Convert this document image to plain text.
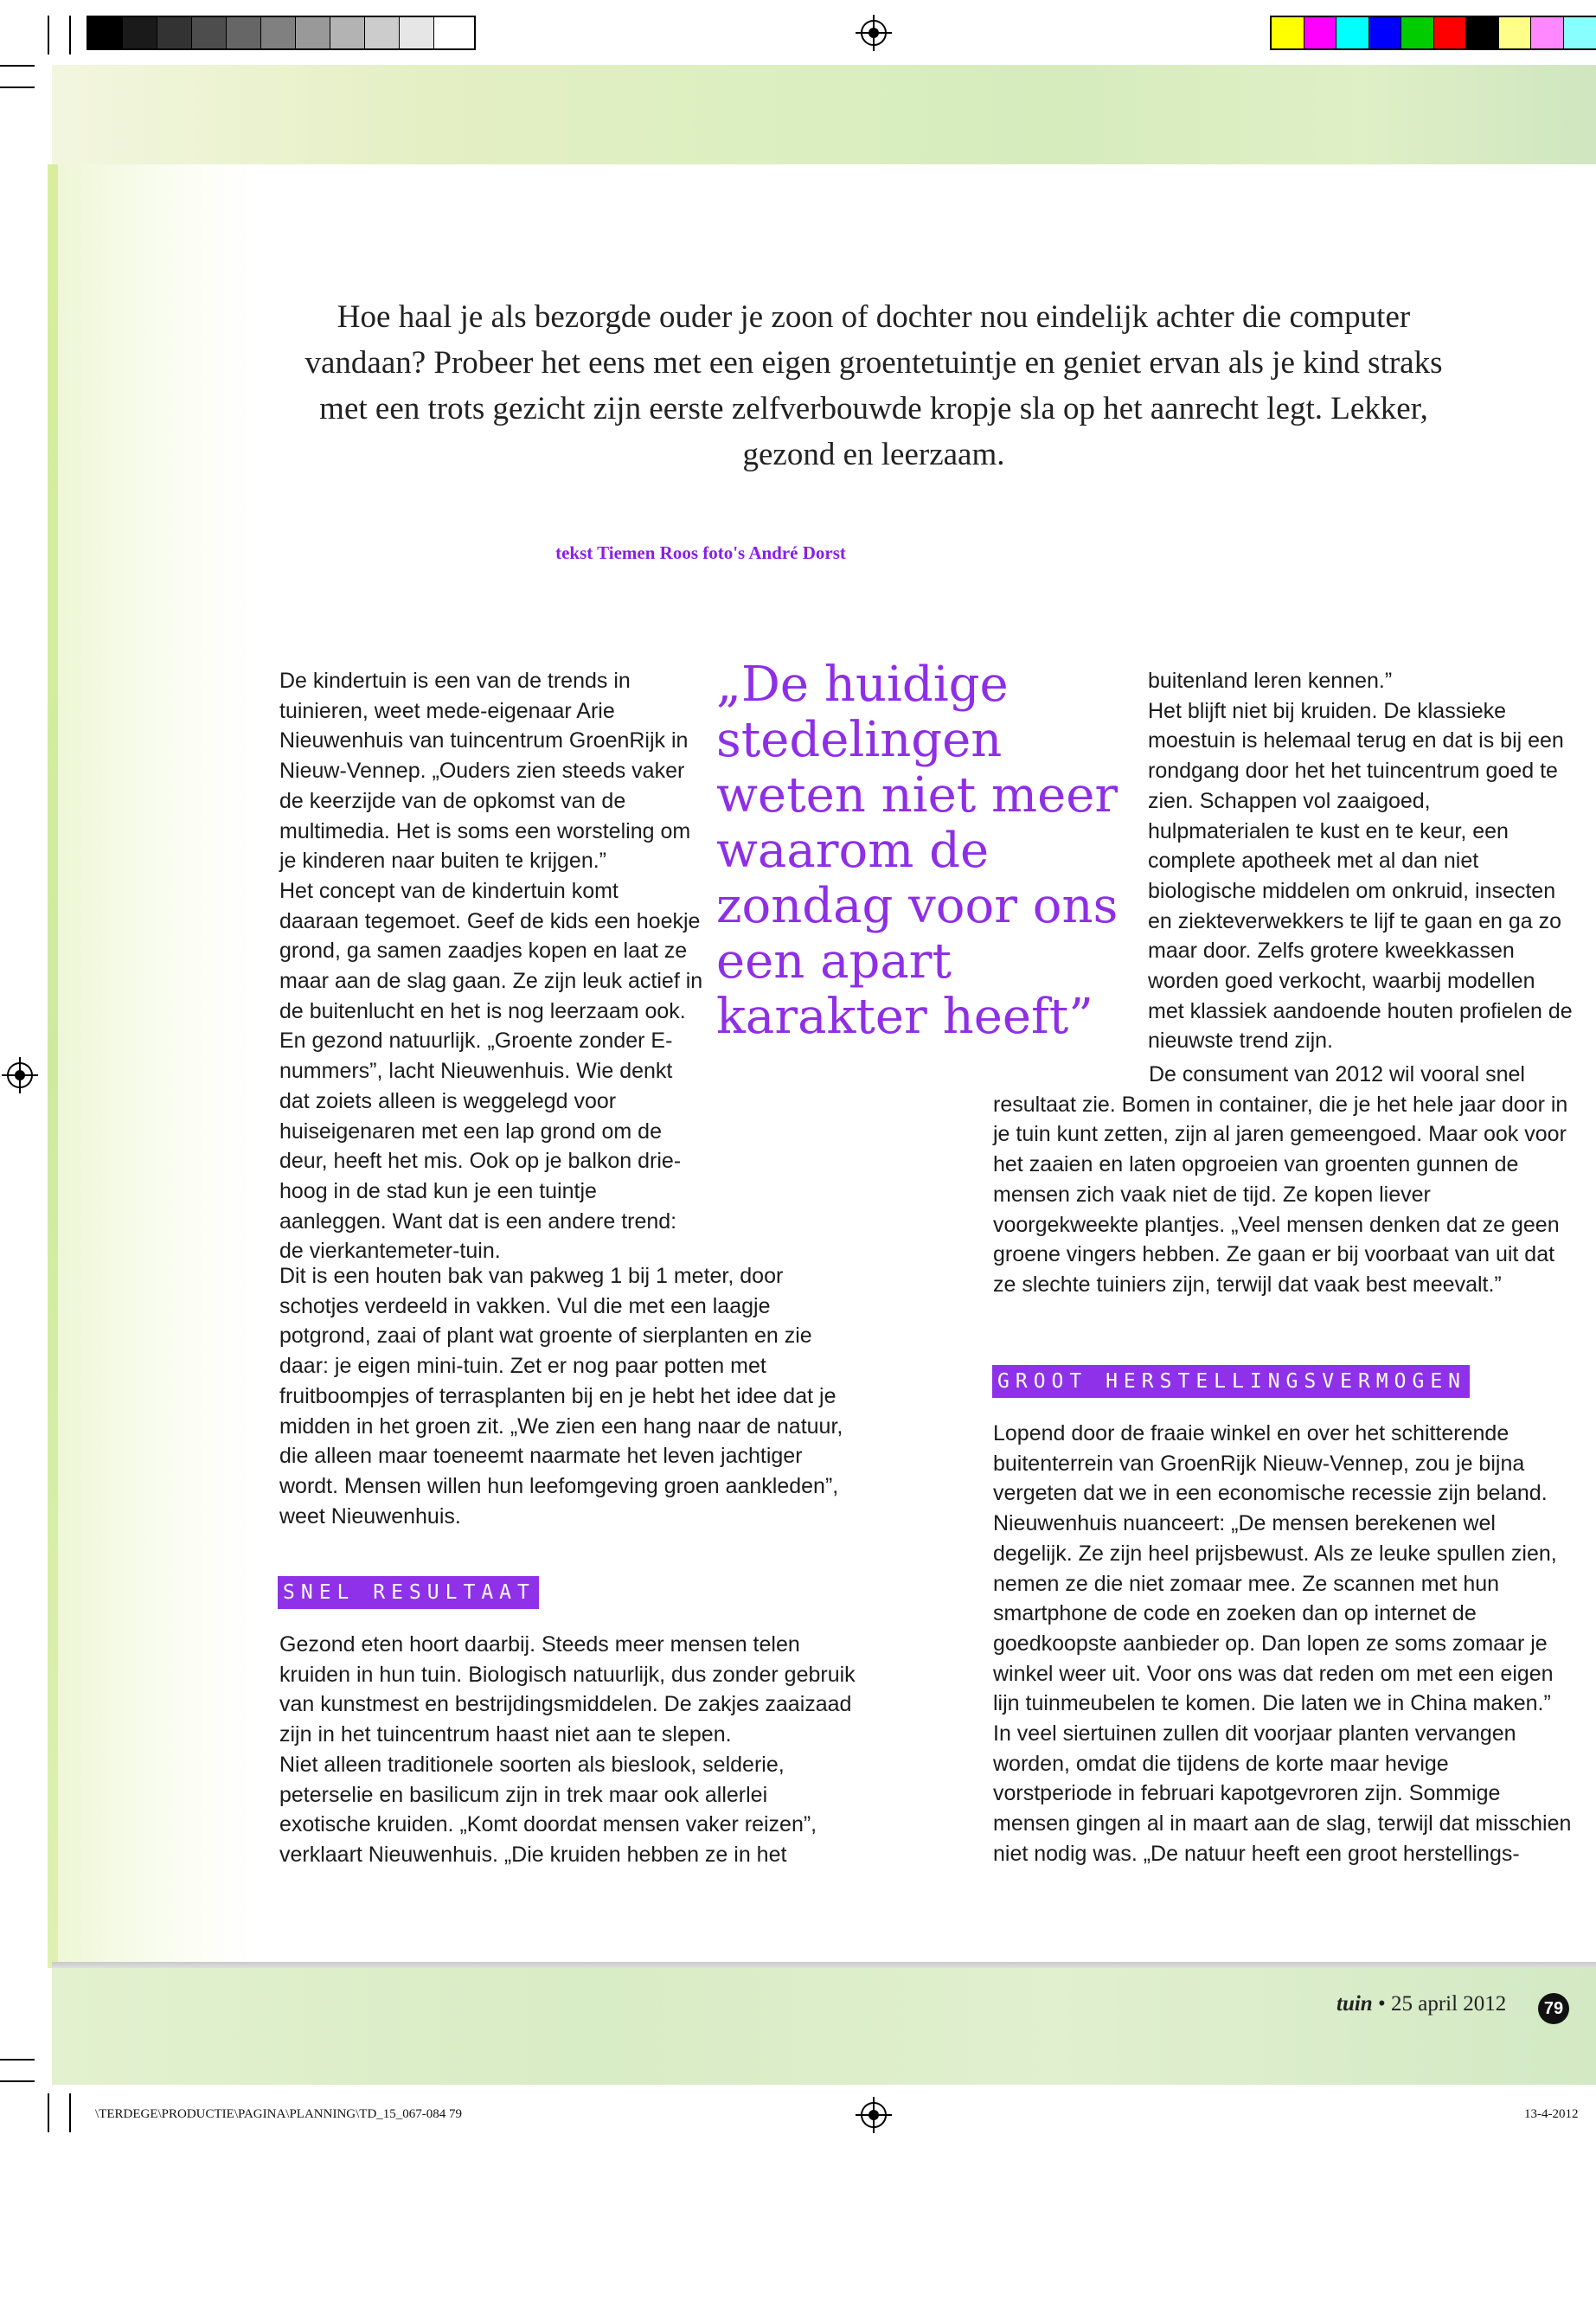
Hoe haal je als bezorgde ouder je zoon of dochter nou eindelijk achter die computer vandaan? Probeer het eens met een eigen groentetuintje en geniet ervan als je kind straks met een trots gezicht zijn eerste zelfverbouwde kropje sla op het aanrecht legt. Lekker, gezond en leerzaam.

tekst Tiemen Roos foto's André Dorst

„De huidige stedelingen weten niet meer waarom de zondag voor ons een apart karakter heeft”

De kindertuin is een van de trends in tuinieren, weet mede-eigenaar Arie Nieuwenhuis van tuincentrum GroenRijk in Nieuw-Vennep. „Ouders zien steeds vaker de keerzijde van de opkomst van de multimedia. Het is soms een worsteling om je kinderen naar buiten te krijgen.”

Het concept van de kindertuin komt daaraan tegemoet. Geef de kids een hoekje grond, ga samen zaadjes kopen en laat ze maar aan de slag gaan. Ze zijn leuk actief in de buitenlucht en het is nog leerzaam ook. En gezond natuurlijk. „Groente zonder E-nummers”, lacht Nieuwenhuis. Wie denkt dat zoiets alleen is weggelegd voor huiseigenaren met een lap grond om de deur, heeft het mis. Ook op je balkon drie-hoog in de stad kun je een tuintje aanleggen. Want dat is een andere trend: de vierkantemeter-tuin.

Dit is een houten bak van pakweg 1 bij 1 meter, door schotjes verdeeld in vakken. Vul die met een laagje potgrond, zaai of plant wat groente of sierplanten en zie daar: je eigen mini-tuin. Zet er nog paar potten met fruitboompjes of terrasplanten bij en je hebt het idee dat je midden in het groen zit. „We zien een hang naar de natuur, die alleen maar toeneemt naarmate het leven jachtiger wordt. Mensen willen hun leefomgeving groen aankleden”, weet Nieuwenhuis.

SNEL RESULTAAT

Gezond eten hoort daarbij. Steeds meer mensen telen kruiden in hun tuin. Biologisch natuurlijk, dus zonder gebruik van kunstmest en bestrijdingsmiddelen. De zakjes zaaizaad zijn in het tuincentrum haast niet aan te slepen.

Niet alleen traditionele soorten als bieslook, selderie, peterselie en basilicum zijn in trek maar ook allerlei exotische kruiden. „Komt doordat mensen vaker reizen”, verklaart Nieuwenhuis. „Die kruiden hebben ze in het

buitenland leren kennen.”

Het blijft niet bij kruiden. De klassieke moestuin is helemaal terug en dat is bij een rondgang door het het tuincentrum goed te zien. Schappen vol zaaigoed, hulpmaterialen te kust en te keur, een complete apotheek met al dan niet biologische middelen om onkruid, insecten en ziekteverwekkers te lijf te gaan en ga zo maar door. Zelfs grotere kweekkassen worden goed verkocht, waarbij modellen met klassiek aandoende houten profielen de nieuwste trend zijn.

De consument van 2012 wil vooral snel resultaat zie. Bomen in container, die je het hele jaar door in je tuin kunt zetten, zijn al jaren gemeengoed. Maar ook voor het zaaien en laten opgroeien van groenten gunnen de mensen zich vaak niet de tijd. Ze kopen liever voorgekweekte plantjes. „Veel mensen denken dat ze geen groene vingers hebben. Ze gaan er bij voorbaat van uit dat ze slechte tuiniers zijn, terwijl dat vaak best meevalt.”

GROOT HERSTELLINGSVERMOGEN

Lopend door de fraaie winkel en over het schitterende buitenterrein van GroenRijk Nieuw-Vennep, zou je bijna vergeten dat we in een economische recessie zijn beland. Nieuwenhuis nuanceert: „De mensen berekenen wel degelijk. Ze zijn heel prijsbewust. Als ze leuke spullen zien, nemen ze die niet zomaar mee. Ze scannen met hun smartphone de code en zoeken dan op internet de goedkoopste aanbieder op. Dan lopen ze soms zomaar je winkel weer uit. Voor ons was dat reden om met een eigen lijn tuinmeubelen te komen. Die laten we in China maken.”

In veel siertuinen zullen dit voorjaar planten vervangen worden, omdat die tijdens de korte maar hevige vorstperiode in februari kapotgevroren zijn. Sommige mensen gingen al in maart aan de slag, terwijl dat misschien niet nodig was. „De natuur heeft een groot herstellings-

tuin • 25 april 2012	79
\TERDEGE\PRODUCTIE\PAGINA\PLANNING\TD_15_067-084 79	13-4-2012
